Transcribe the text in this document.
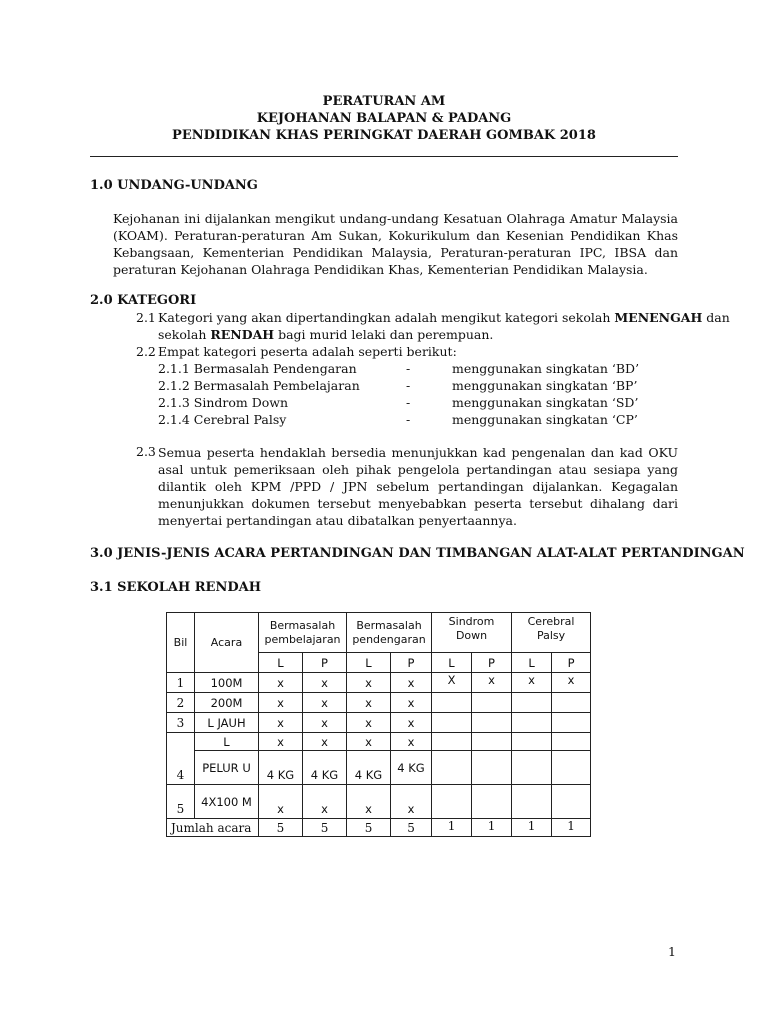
PERATURAN AM
KEJOHANAN BALAPAN & PADANG
PENDIDIKAN KHAS PERINGKAT DAERAH GOMBAK 2018
1.0 UNDANG-UNDANG
Kejohanan ini dijalankan mengikut undang-undang Kesatuan Olahraga Amatur Malaysia (KOAM). Peraturan-peraturan Am Sukan, Kokurikulum dan Kesenian Pendidikan Khas Kebangsaan, Kementerian Pendidikan Malaysia, Peraturan-peraturan IPC, IBSA dan peraturan Kejohanan Olahraga Pendidikan Khas, Kementerian Pendidikan Malaysia.
2.0 KATEGORI
2.1 Kategori yang akan dipertandingkan adalah mengikut kategori sekolah MENENGAH dan
sekolah RENDAH bagi murid lelaki dan perempuan.
2.2 Empat kategori peserta adalah seperti berikut:
2.1.1 Bermasalah Pendengaran	-	menggunakan singkatan ‘BD’
2.1.2 Bermasalah Pembelajaran	-	menggunakan singkatan ‘BP’
2.1.3 Sindrom Down	-	menggunakan singkatan ‘SD’
2.1.4 Cerebral Palsy	-	menggunakan singkatan ‘CP’
2.3 Semua peserta hendaklah bersedia menunjukkan kad pengenalan dan kad OKU asal untuk pemeriksaan oleh pihak pengelola pertandingan atau sesiapa yang dilantik oleh KPM /PPD / JPN sebelum pertandingan dijalankan. Kegagalan menunjukkan dokumen tersebut menyebabkan peserta tersebut dihalang dari menyertai pertandingan atau dibatalkan penyertaannya.
3.0 JENIS-JENIS ACARA PERTANDINGAN DAN TIMBANGAN ALAT-ALAT PERTANDINGAN
3.1 SEKOLAH RENDAH
Bil	Acara	Bermasalah pembelajaran		Bermasalah pendengaran		Sindrom Down		Cerebral Palsy	
		L	P	L	P	L	P	L	P
1	100M	x	x	x	x	X	x	x	x
2	200M	x	x	x	x				
3	L JAUH	x	x	x	x				
4	L	x	x	x	x				
	PELUR U	4 KG	4 KG	4 KG	4 KG				
5	4X100 M	x	x	x	x				
Jumlah acara		5	5	5	5	1	1	1	1
1
